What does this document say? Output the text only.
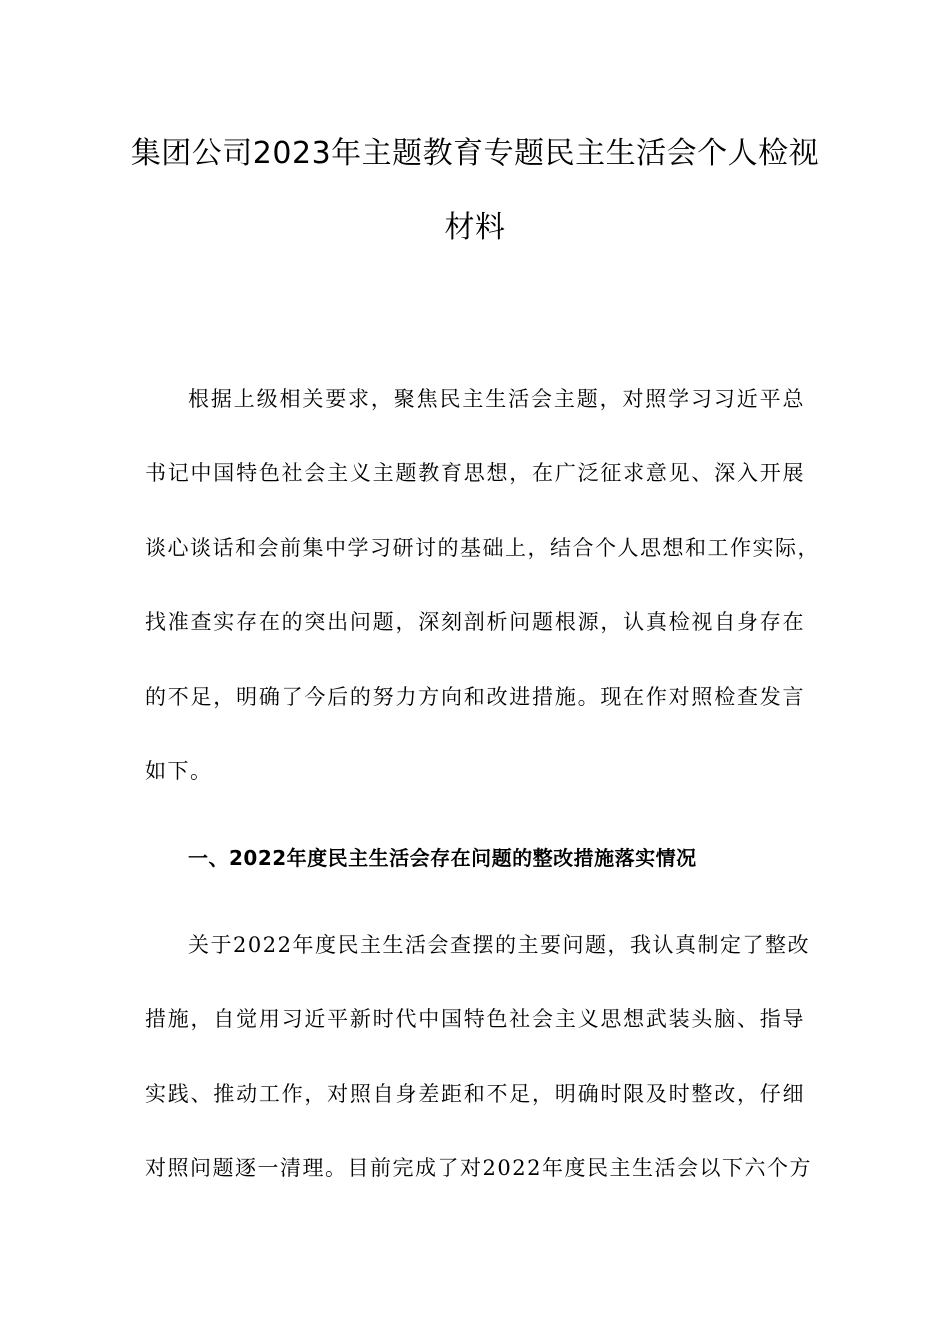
集团公司2023年主题教育专题民主生活会个人检视
材料
根据上级相关要求，聚焦民主生活会主题，对照学习习近平总
书记中国特色社会主义主题教育思想，在广泛征求意见、深入开展
谈心谈话和会前集中学习研讨的基础上，结合个人思想和工作实际，
找准查实存在的突出问题，深刻剖析问题根源，认真检视自身存在
的不足，明确了今后的努力方向和改进措施。现在作对照检查发言
如下。
一、2022年度民主生活会存在问题的整改措施落实情况
关于2022年度民主生活会查摆的主要问题，我认真制定了整改
措施，自觉用习近平新时代中国特色社会主义思想武装头脑、指导
实践、推动工作，对照自身差距和不足，明确时限及时整改，仔细
对照问题逐一清理。目前完成了对2022年度民主生活会以下六个方
